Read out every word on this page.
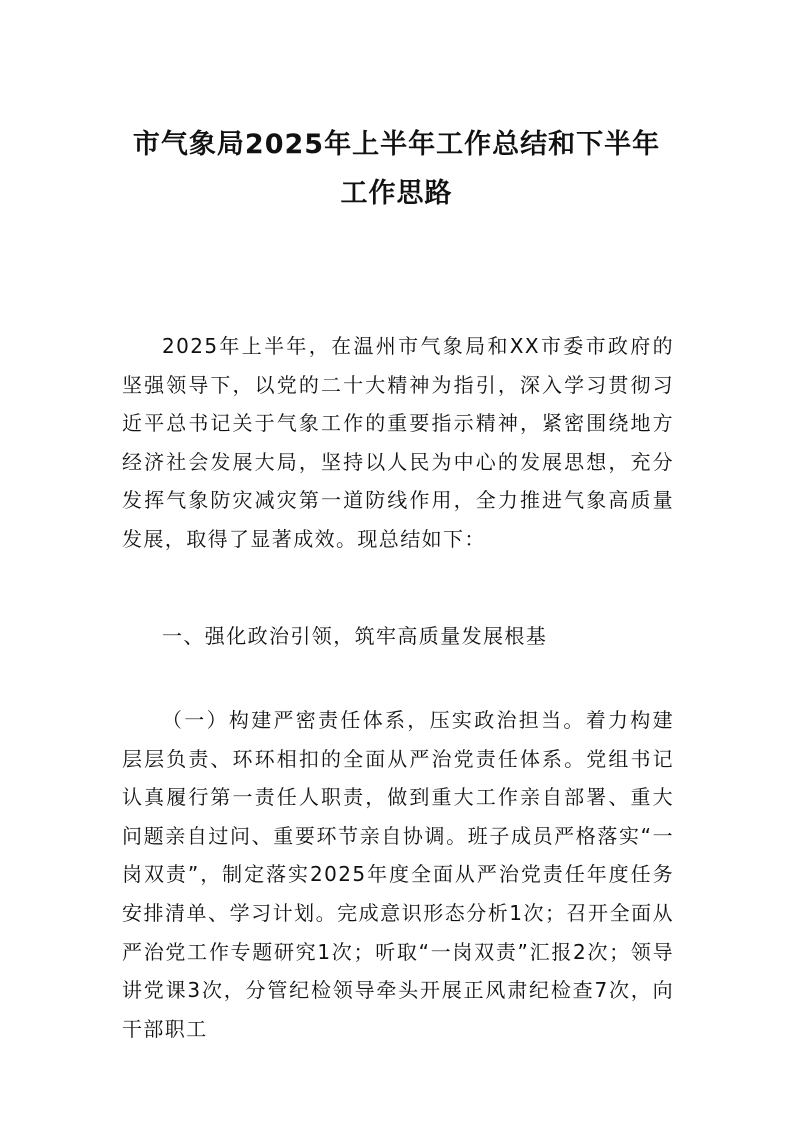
市气象局2025年上半年工作总结和下半年
工作思路

2025年上半年，在温州市气象局和XX市委市政府的坚强领导下，以党的二十大精神为指引，深入学习贯彻习近平总书记关于气象工作的重要指示精神，紧密围绕地方经济社会发展大局，坚持以人民为中心的发展思想，充分发挥气象防灾减灾第一道防线作用，全力推进气象高质量发展，取得了显著成效。现总结如下：

一、强化政治引领，筑牢高质量发展根基

（一）构建严密责任体系，压实政治担当。着力构建层层负责、环环相扣的全面从严治党责任体系。党组书记认真履行第一责任人职责，做到重大工作亲自部署、重大问题亲自过问、重要环节亲自协调。班子成员严格落实“一岗双责”，制定落实2025年度全面从严治党责任年度任务安排清单、学习计划。完成意识形态分析1次；召开全面从严治党工作专题研究1次；听取“一岗双责”汇报2次；领导讲党课3次，分管纪检领导牵头开展正风肃纪检查7次，向干部职工
